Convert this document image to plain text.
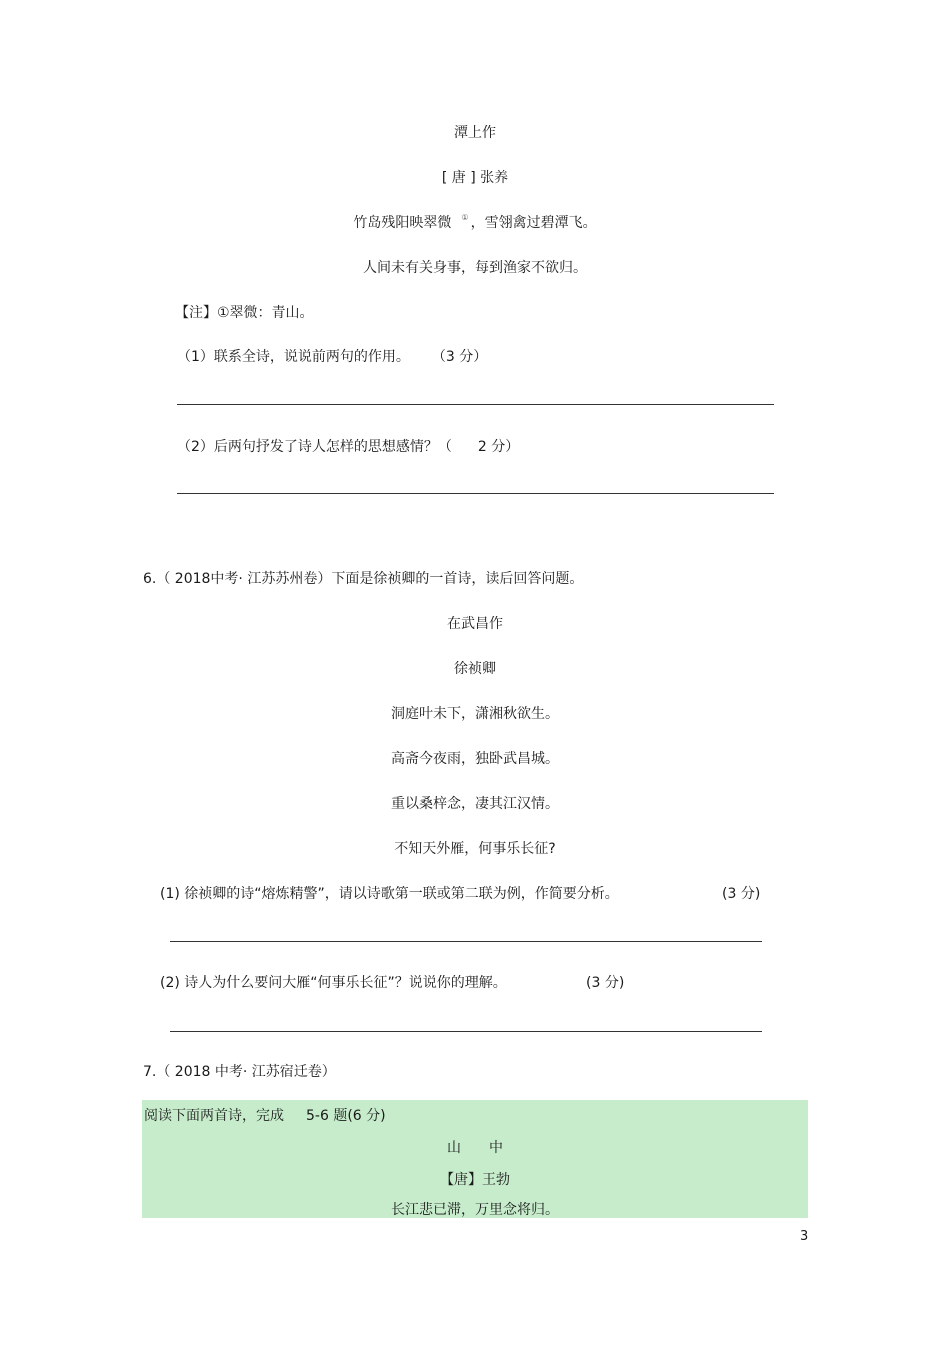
潭上作
[ 唐 ] 张养
竹岛残阳映翠微 ① ，雪翎禽过碧潭飞。
人间未有关身事，每到渔家不欲归。
【注】①翠微：青山。
（1）联系全诗，说说前两句的作用。 （3 分）
（2）后两句抒发了诗人怎样的思想感情？（ 2 分）
6.（ 2018中考· 江苏苏州卷）下面是徐祯卿的一首诗，读后回答问题。
在武昌作
徐祯卿
洞庭叶未下，潇湘秋欲生。
高斋今夜雨，独卧武昌城。
重以桑梓念，凄其江汉情。
不知天外雁，何事乐长征?
(1) 徐祯卿的诗“熔炼精警”，请以诗歌第一联或第二联为例，作简要分析。	(3 分)
(2) 诗人为什么要问大雁“何事乐长征”？说说你的理解。	(3 分)
7.（ 2018 中考· 江苏宿迁卷）
阅读下面两首诗，完成 5-6 题(6 分)
山　　中
【唐】王勃
长江悲已滞，万里念将归。
3
